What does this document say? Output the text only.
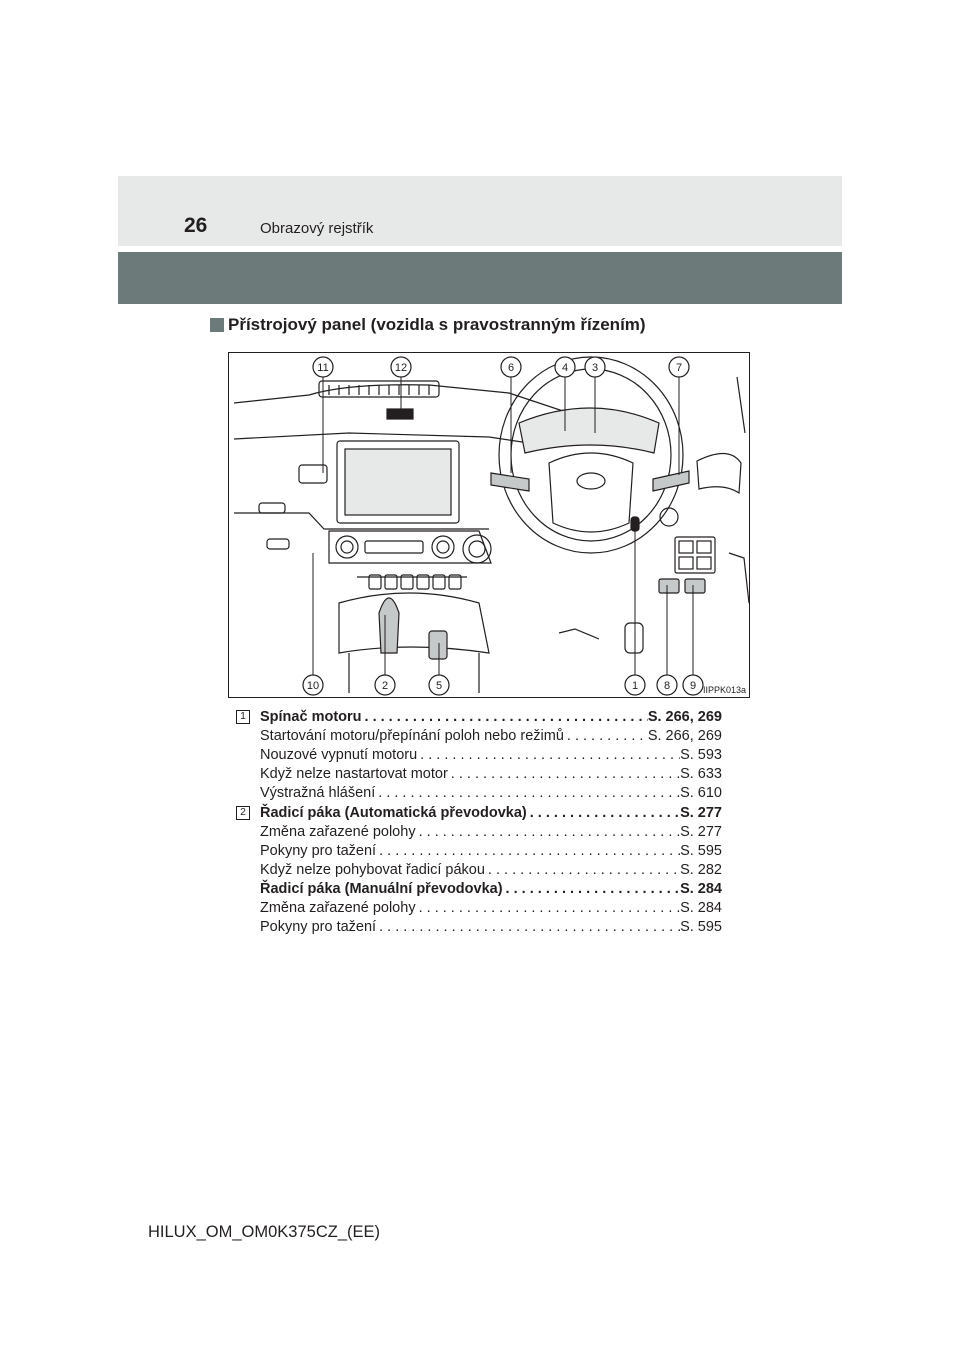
26	Obrazový rejstřík
Přístrojový panel (vozidla s pravostranným řízením)
11	12	6	4 3	7
10	2	5	1 8 9 IIPPK013a
1 Spínač motoru . . .	S. 266, 269
Startování motoru/přepínání poloh nebo režimů . . .	S. 266, 269
Nouzové vypnutí motoru . . .	S. 593
Když nelze nastartovat motor . . .	S. 633
Výstražná hlášení . . .	S. 610
2 Řadicí páka (Automatická převodovka) . . .	S. 277
Změna zařazené polohy . . .	S. 277
Pokyny pro tažení . . .	S. 595
Když nelze pohybovat řadicí pákou . . .	S. 282
Řadicí páka (Manuální převodovka) . . .	S. 284
Změna zařazené polohy . . .	S. 284
Pokyny pro tažení . . .	S. 595
HILUX_OM_OM0K375CZ_(EE)
